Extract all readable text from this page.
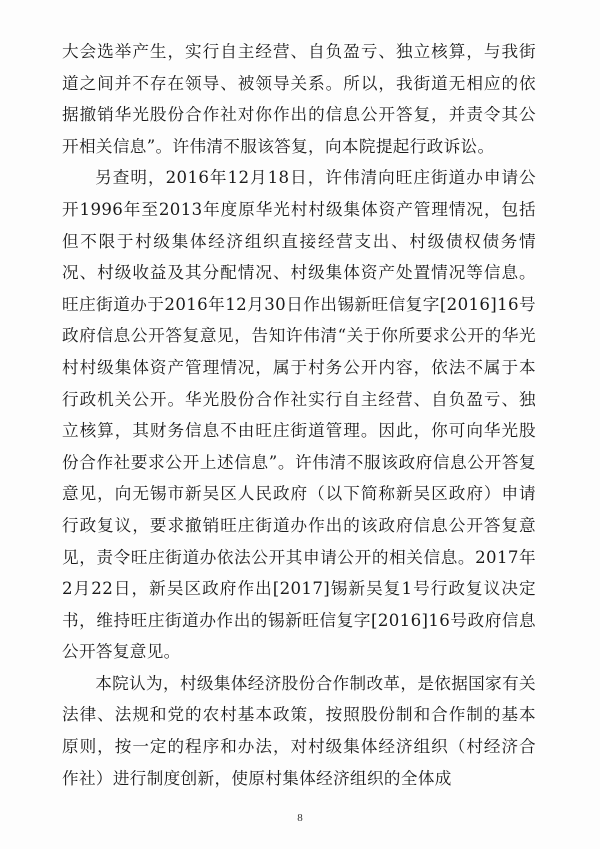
大会选举产生，实行自主经营、自负盈亏、独立核算，与我街道之间并不存在领导、被领导关系。所以，我街道无相应的依据撤销华光股份合作社对你作出的信息公开答复，并责令其公开相关信息”。许伟清不服该答复，向本院提起行政诉讼。

另查明，2016年12月18日，许伟清向旺庄街道办申请公开1996年至2013年度原华光村村级集体资产管理情况，包括但不限于村级集体经济组织直接经营支出、村级债权债务情况、村级收益及其分配情况、村级集体资产处置情况等信息。旺庄街道办于2016年12月30日作出锡新旺信复字[2016]16号政府信息公开答复意见，告知许伟清“关于你所要求公开的华光村村级集体资产管理情况，属于村务公开内容，依法不属于本行政机关公开。华光股份合作社实行自主经营、自负盈亏、独立核算，其财务信息不由旺庄街道管理。因此，你可向华光股份合作社要求公开上述信息”。许伟清不服该政府信息公开答复意见，向无锡市新吴区人民政府（以下简称新吴区政府）申请行政复议，要求撤销旺庄街道办作出的该政府信息公开答复意见，责令旺庄街道办依法公开其申请公开的相关信息。2017年2月22日，新吴区政府作出[2017]锡新吴复1号行政复议决定书，维持旺庄街道办作出的锡新旺信复字[2016]16号政府信息公开答复意见。

本院认为，村级集体经济股份合作制改革，是依据国家有关法律、法规和党的农村基本政策，按照股份制和合作制的基本原则，按一定的程序和办法，对村级集体经济组织（村经济合作社）进行制度创新，使原村集体经济组织的全体成

8
